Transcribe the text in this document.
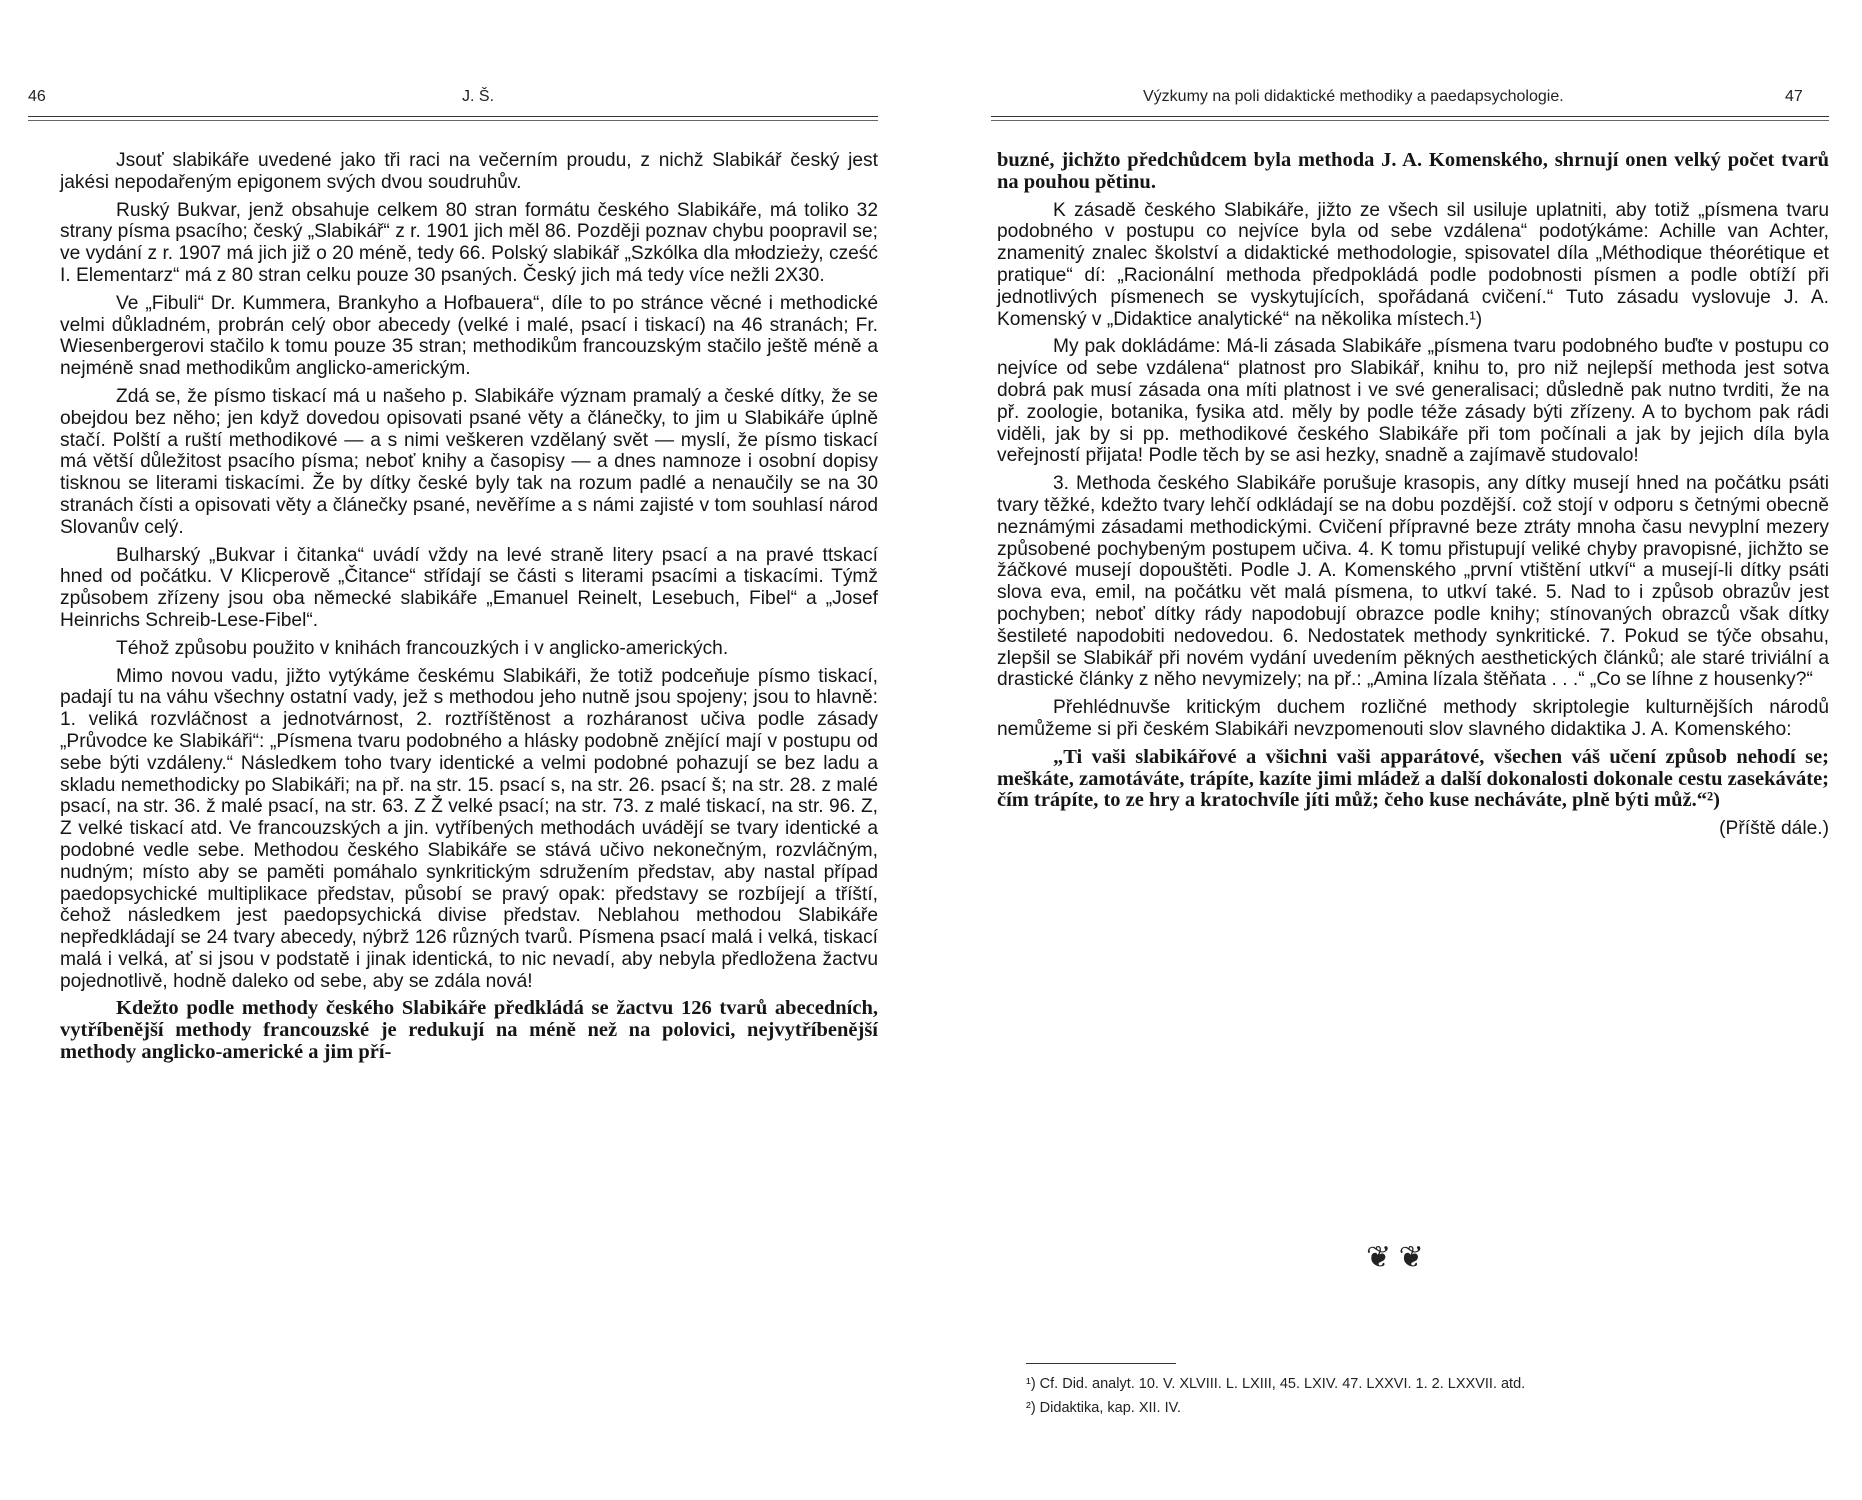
46	J. Š.

Jsouť slabikáře uvedené jako tři raci na večerním proudu, z nichž Slabikář český jest jakési nepodařeným epigonem svých dvou soudruhův.

Ruský Bukvar, jenž obsahuje celkem 80 stran formátu českého Slabikáře, má toliko 32 strany písma psacího; český „Slabikář“ z r. 1901 jich měl 86. Později poznav chybu poopravil se; ve vydání z r. 1907 má jich již o 20 méně, tedy 66. Polský slabikář „Szkólka dla młodzieży, cześć I. Elementarz“ má z 80 stran celku pouze 30 psaných. Český jich má tedy více nežli 2X30.

Ve „Fibuli“ Dr. Kummera, Brankyho a Hofbauera“, díle to po stránce věcné i methodické velmi důkladném, probrán celý obor abecedy (velké i malé, psací i tiskací) na 46 stranách; Fr. Wiesenbergerovi stačilo k tomu pouze 35 stran; methodikům francouzským stačilo ještě méně a nejméně snad methodikům anglicko-americkým.

Zdá se, že písmo tiskací má u našeho p. Slabikáře význam pramalý a české dítky, že se obejdou bez něho; jen když dovedou opisovati psané věty a článečky, to jim u Slabikáře úplně stačí. Polští a ruští methodikové — a s nimi veškeren vzdělaný svět — myslí, že písmo tiskací má větší důležitost psacího písma; neboť knihy a časopisy — a dnes namnoze i osobní dopisy tisknou se literami tiskacími. Že by dítky české byly tak na rozum padlé a nenaučily se na 30 stranách čísti a opisovati věty a článečky psané, nevěříme a s námi zajisté v tom souhlasí národ Slovanův celý.

Bulharský „Bukvar i čitanka“ uvádí vždy na levé straně litery psací a na pravé ttskací hned od počátku. V Klicperově „Čitance“ střídají se části s literami psacími a tiskacími. Týmž způsobem zřízeny jsou oba německé slabikáře „Emanuel Reinelt, Lesebuch, Fibel“ a „Josef Heinrichs Schreib-Lese-Fibel“.

Téhož způsobu použito v knihách francouzkých i v anglicko-amerických.

Mimo novou vadu, jižto vytýkáme českému Slabikáři, že totiž podceňuje písmo tiskací, padají tu na váhu všechny ostatní vady, jež s methodou jeho nutně jsou spojeny; jsou to hlavně: 1. veliká rozvláčnost a jednotvárnost, 2. roztříštěnost a rozháranost učiva podle zásady „Průvodce ke Slabikáři“: „Písmena tvaru podobného a hlásky podobně znějící mají v postupu od sebe býti vzdáleny.“ Následkem toho tvary identické a velmi podobné pohazují se bez ladu a skladu nemethodicky po Slabikáři; na př. na str. 15. psací s, na str. 26. psací š; na str. 28. z malé psací, na str. 36. ž malé psací, na str. 63. Z Ž velké psací; na str. 73. z malé tiskací, na str. 96. Z, Z velké tiskací atd. Ve francouzských a jin. vytříbených methodách uvádějí se tvary identické a podobné vedle sebe. Methodou českého Slabikáře se stává učivo nekonečným, rozvláčným, nudným; místo aby se paměti pomáhalo synkritickým sdružením představ, aby nastal případ paedopsychické multiplikace představ, působí se pravý opak: představy se rozbíjejí a tříští, čehož následkem jest paedopsychická divise představ. Neblahou methodou Slabikáře nepředkládají se 24 tvary abecedy, nýbrž 126 různých tvarů. Písmena psací malá i velká, tiskací malá i velká, ať si jsou v podstatě i jinak identická, to nic nevadí, aby nebyla předložena žactvu pojednotlivě, hodně daleko od sebe, aby se zdála nová!

Kdežto podle methody českého Slabikáře předkládá se žactvu 126 tvarů abecedních, vytříbenější methody francouzské je redukují na méně než na polovici, nejvytříbenější methody anglicko-americké a jim pří-

Výzkumy na poli didaktické methodiky a paedapsychologie.	47

buzné, jichžto předchůdcem byla methoda J. A. Komenského, shrnují onen velký počet tvarů na pouhou pětinu.

K zásadě českého Slabikáře, jižto ze všech sil usiluje uplatniti, aby totiž „písmena tvaru podobného v postupu co nejvíce byla od sebe vzdálena“ podotýkáme: Achille van Achter, znamenitý znalec školství a didaktické methodologie, spisovatel díla „Méthodique théorétique et pratique“ dí: „Racionální methoda předpokládá podle podobnosti písmen a podle obtíží při jednotlivých písmenech se vyskytujících, spořádaná cvičení.“ Tuto zásadu vyslovuje J. A. Komenský v „Didaktice analytické“ na několika místech.¹)

My pak dokládáme: Má-li zásada Slabikáře „písmena tvaru podobného buďte v postupu co nejvíce od sebe vzdálena“ platnost pro Slabikář, knihu to, pro niž nejlepší methoda jest sotva dobrá pak musí zásada ona míti platnost i ve své generalisaci; důsledně pak nutno tvrditi, že na př. zoologie, botanika, fysika atd. měly by podle téže zásady býti zřízeny. A to bychom pak rádi viděli, jak by si pp. methodikové českého Slabikáře při tom počínali a jak by jejich díla byla veřejností přijata! Podle těch by se asi hezky, snadně a zajímavě studovalo!

3. Methoda českého Slabikáře porušuje krasopis, any dítky musejí hned na počátku psáti tvary těžké, kdežto tvary lehčí odkládají se na dobu pozdější. což stojí v odporu s četnými obecně neznámými zásadami methodickými. Cvičení přípravné beze ztráty mnoha času nevyplní mezery způsobené pochybeným postupem učiva. 4. K tomu přistupují veliké chyby pravopisné, jichžto se žáčkové musejí dopouštěti. Podle J. A. Komenského „první vtištění utkví“ a musejí-li dítky psáti slova eva, emil, na počátku vět malá písmena, to utkví také. 5. Nad to i způsob obrazův jest pochyben; neboť dítky rády napodobují obrazce podle knihy; stínovaných obrazců však dítky šestileté napodobiti nedovedou. 6. Nedostatek methody synkritické. 7. Pokud se týče obsahu, zlepšil se Slabikář při novém vydání uvedením pěkných aesthetických článků; ale staré triviální a drastické články z něho nevymizely; na př.: „Amina lízala štěňata . . .“ „Co se líhne z housenky?“

Přehlédnuvše kritickým duchem rozličné methody skriptolegie kulturnějších národů nemůžeme si při českém Slabikáři nevzpomenouti slov slavného didaktika J. A. Komenského:

„Ti vaši slabikářové a všichni vaši apparátové, všechen váš učení způsob nehodí se; meškáte, zamotáváte, trápíte, kazíte jimi mládež a další dokonalosti dokonale cestu zasekáváte; čím trápíte, to ze hry a kratochvíle jíti můž; čeho kuse necháváte, plně býti můž.“²)

(Příště dále.)

❦ ❦
¹) Cf. Did. analyt. 10. V. XLVIII. L. LXIII, 45. LXIV. 47. LXXVI. 1. 2. LXXVII. atd.
²) Didaktika, kap. XII. IV.
